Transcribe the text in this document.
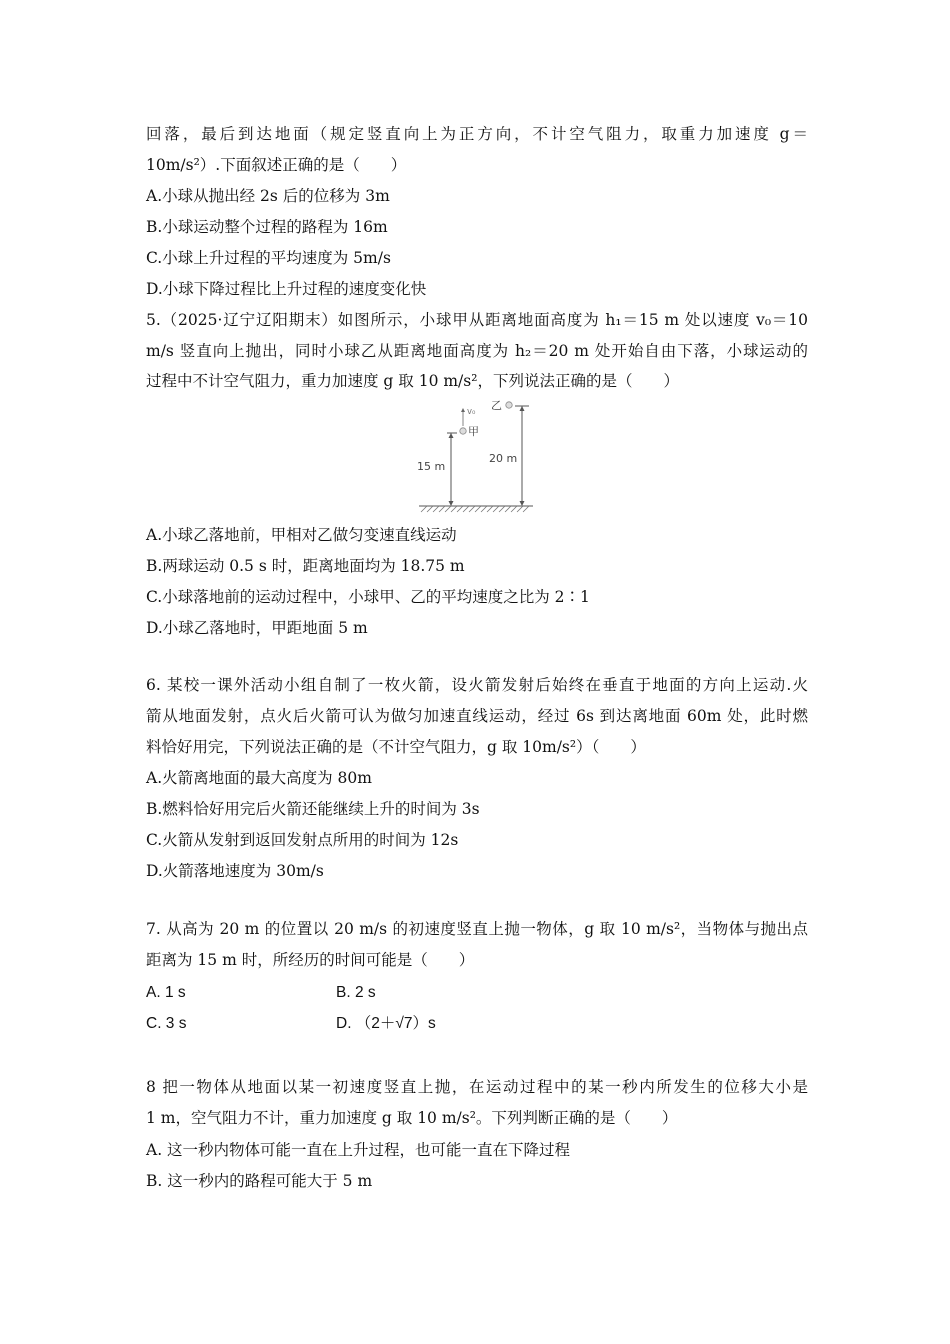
回落，最后到达地面（规定竖直向上为正方向，不计空气阻力，取重力加速度 g＝
10m/s²）.下面叙述正确的是（　　）
A.小球从抛出经 2s 后的位移为 3m
B.小球运动整个过程的路程为 16m
C.小球上升过程的平均速度为 5m/s
D.小球下降过程比上升过程的速度变化快
5.（2025·辽宁辽阳期末）如图所示，小球甲从距离地面高度为 h₁＝15 m 处以速度 v₀＝10
m/s 竖直向上抛出，同时小球乙从距离地面高度为 h₂＝20 m 处开始自由下落，小球运动的
过程中不计空气阻力，重力加速度 g 取 10 m/s²，下列说法正确的是（　　）
v₀
甲
乙
15 m
20 m
A.小球乙落地前，甲相对乙做匀变速直线运动
B.两球运动 0.5 s 时，距离地面均为 18.75 m
C.小球落地前的运动过程中，小球甲、乙的平均速度之比为 2∶1
D.小球乙落地时，甲距地面 5 m
6. 某校一课外活动小组自制了一枚火箭，设火箭发射后始终在垂直于地面的方向上运动.火
箭从地面发射，点火后火箭可认为做匀加速直线运动，经过 6s 到达离地面 60m 处，此时燃
料恰好用完，下列说法正确的是（不计空气阻力，g 取 10m/s²）（　　）
A.火箭离地面的最大高度为 80m
B.燃料恰好用完后火箭还能继续上升的时间为 3s
C.火箭从发射到返回发射点所用的时间为 12s
D.火箭落地速度为 30m/s
7. 从高为 20 m 的位置以 20 m/s 的初速度竖直上抛一物体，g 取 10 m/s²，当物体与抛出点
距离为 15 m 时，所经历的时间可能是（　　）
A. 1 s	B. 2 s
C. 3 s	D. （2＋√7）s
8 把一物体从地面以某一初速度竖直上抛，在运动过程中的某一秒内所发生的位移大小是
1 m，空气阻力不计，重力加速度 g 取 10 m/s²。下列判断正确的是（　　）
A. 这一秒内物体可能一直在上升过程，也可能一直在下降过程
B. 这一秒内的路程可能大于 5 m
